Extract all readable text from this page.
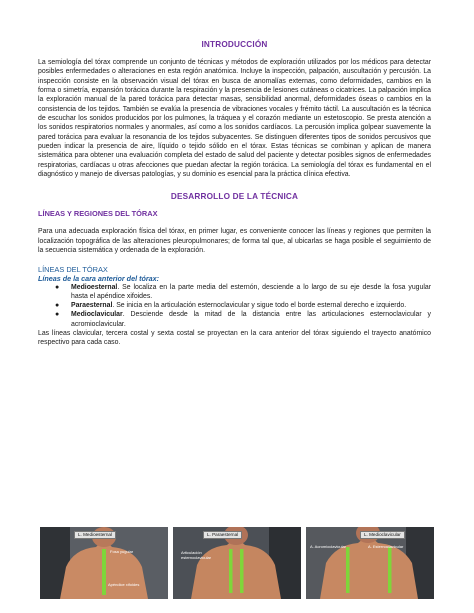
INTRODUCCIÓN

La semiología del tórax comprende un conjunto de técnicas y métodos de exploración utilizados por los médicos para detectar posibles enfermedades o alteraciones en esta región anatómica. Incluye la inspección, palpación, auscultación y percusión. La inspección consiste en la observación visual del tórax en busca de anomalías externas, como deformidades, cambios en la forma o simetría, expansión torácica durante la respiración y la presencia de lesiones cutáneas o cicatrices. La palpación implica la exploración manual de la pared torácica para detectar masas, sensibilidad anormal, deformidades óseas o cambios en la consistencia de los tejidos. También se evalúa la presencia de vibraciones vocales y frémito táctil. La auscultación es la técnica de escuchar los sonidos producidos por los pulmones, la tráquea y el corazón mediante un estetoscopio. Se presta atención a los sonidos respiratorios normales y anormales, así como a los sonidos cardíacos. La percusión implica golpear suavemente la pared torácica para evaluar la resonancia de los tejidos subyacentes. Se distinguen diferentes tipos de sonidos percusivos que pueden indicar la presencia de aire, líquido o tejido sólido en el tórax. Estas técnicas se combinan y aplican de manera sistemática para obtener una evaluación completa del estado de salud del paciente y detectar posibles signos de enfermedades respiratorias, cardíacas u otras afecciones que puedan afectar la región torácica. La semiología del tórax es fundamental en el diagnóstico y manejo de diversas patologías, y su dominio es esencial para la práctica clínica efectiva.

DESARROLLO DE LA TÉCNICA

LÍNEAS Y REGIONES DEL TÓRAX

Para una adecuada exploración física del tórax, en primer lugar, es conveniente conocer las líneas y regiones que permiten la localización topográfica de las alteraciones pleuropulmonares; de forma tal que, al ubicarlas se haga posible el seguimiento de la secuencia sistemática y ordenada de la exploración.

LÍNEAS DEL TÓRAX

Líneas de la cara anterior del tórax:

● Medioesternal. Se localiza en la parte media del esternón, desciende a lo largo de su eje desde la fosa yugular hasta el apéndice xifoides.
● Paraesternal. Se inicia en la articulación esternoclavicular y sigue todo el borde esternal derecho e izquierdo.
● Medioclavicular. Desciende desde la mitad de la distancia entre las articulaciones esternoclavicular y acromioclavicular.

Las líneas clavicular, tercera costal y sexta costal se proyectan en la cara anterior del tórax siguiendo el trayecto anatómico respectivo para cada caso.

L. Medioesternal
Fosa yugular
Apéndice xifoides
L. Paraesternal
Articulación
esternoclavicular
L. Medioclavicular
A. Acromioclavicular	A. Esternoclavicular
